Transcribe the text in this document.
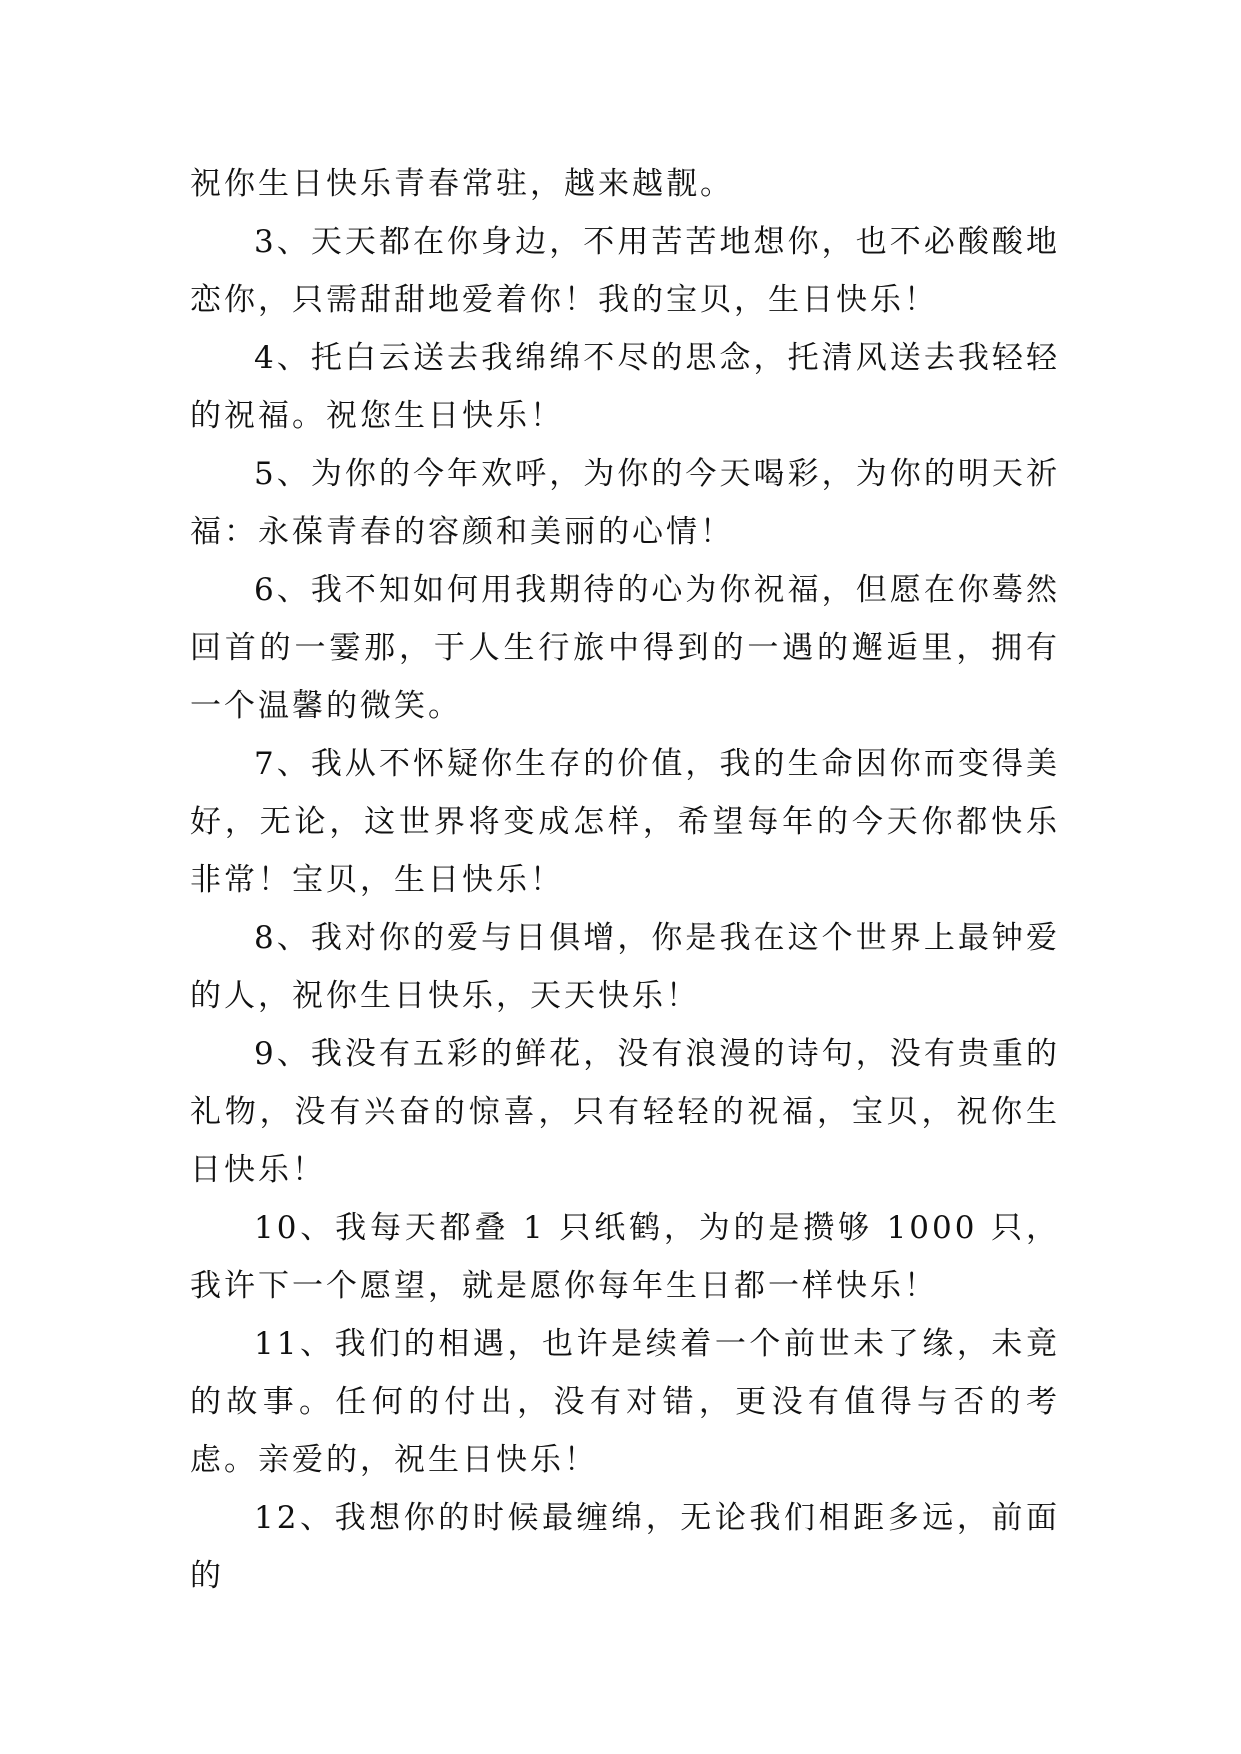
祝你生日快乐青春常驻，越来越靓。

3、天天都在你身边，不用苦苦地想你，也不必酸酸地恋你，只需甜甜地爱着你！我的宝贝，生日快乐！

4、托白云送去我绵绵不尽的思念，托清风送去我轻轻的祝福。祝您生日快乐！

5、为你的今年欢呼，为你的今天喝彩，为你的明天祈福：永葆青春的容颜和美丽的心情！

6、我不知如何用我期待的心为你祝福，但愿在你蓦然回首的一霎那，于人生行旅中得到的一遇的邂逅里，拥有一个温馨的微笑。

7、我从不怀疑你生存的价值，我的生命因你而变得美好，无论，这世界将变成怎样，希望每年的今天你都快乐非常！宝贝，生日快乐！

8、我对你的爱与日俱增，你是我在这个世界上最钟爱的人，祝你生日快乐，天天快乐！

9、我没有五彩的鲜花，没有浪漫的诗句，没有贵重的礼物，没有兴奋的惊喜，只有轻轻的祝福，宝贝，祝你生日快乐！

10、我每天都叠 1 只纸鹤，为的是攒够 1000 只，我许下一个愿望，就是愿你每年生日都一样快乐！

11、我们的相遇，也许是续着一个前世未了缘，未竟的故事。任何的付出，没有对错，更没有值得与否的考虑。亲爱的，祝生日快乐！

12、我想你的时候最缠绵，无论我们相距多远，前面的
